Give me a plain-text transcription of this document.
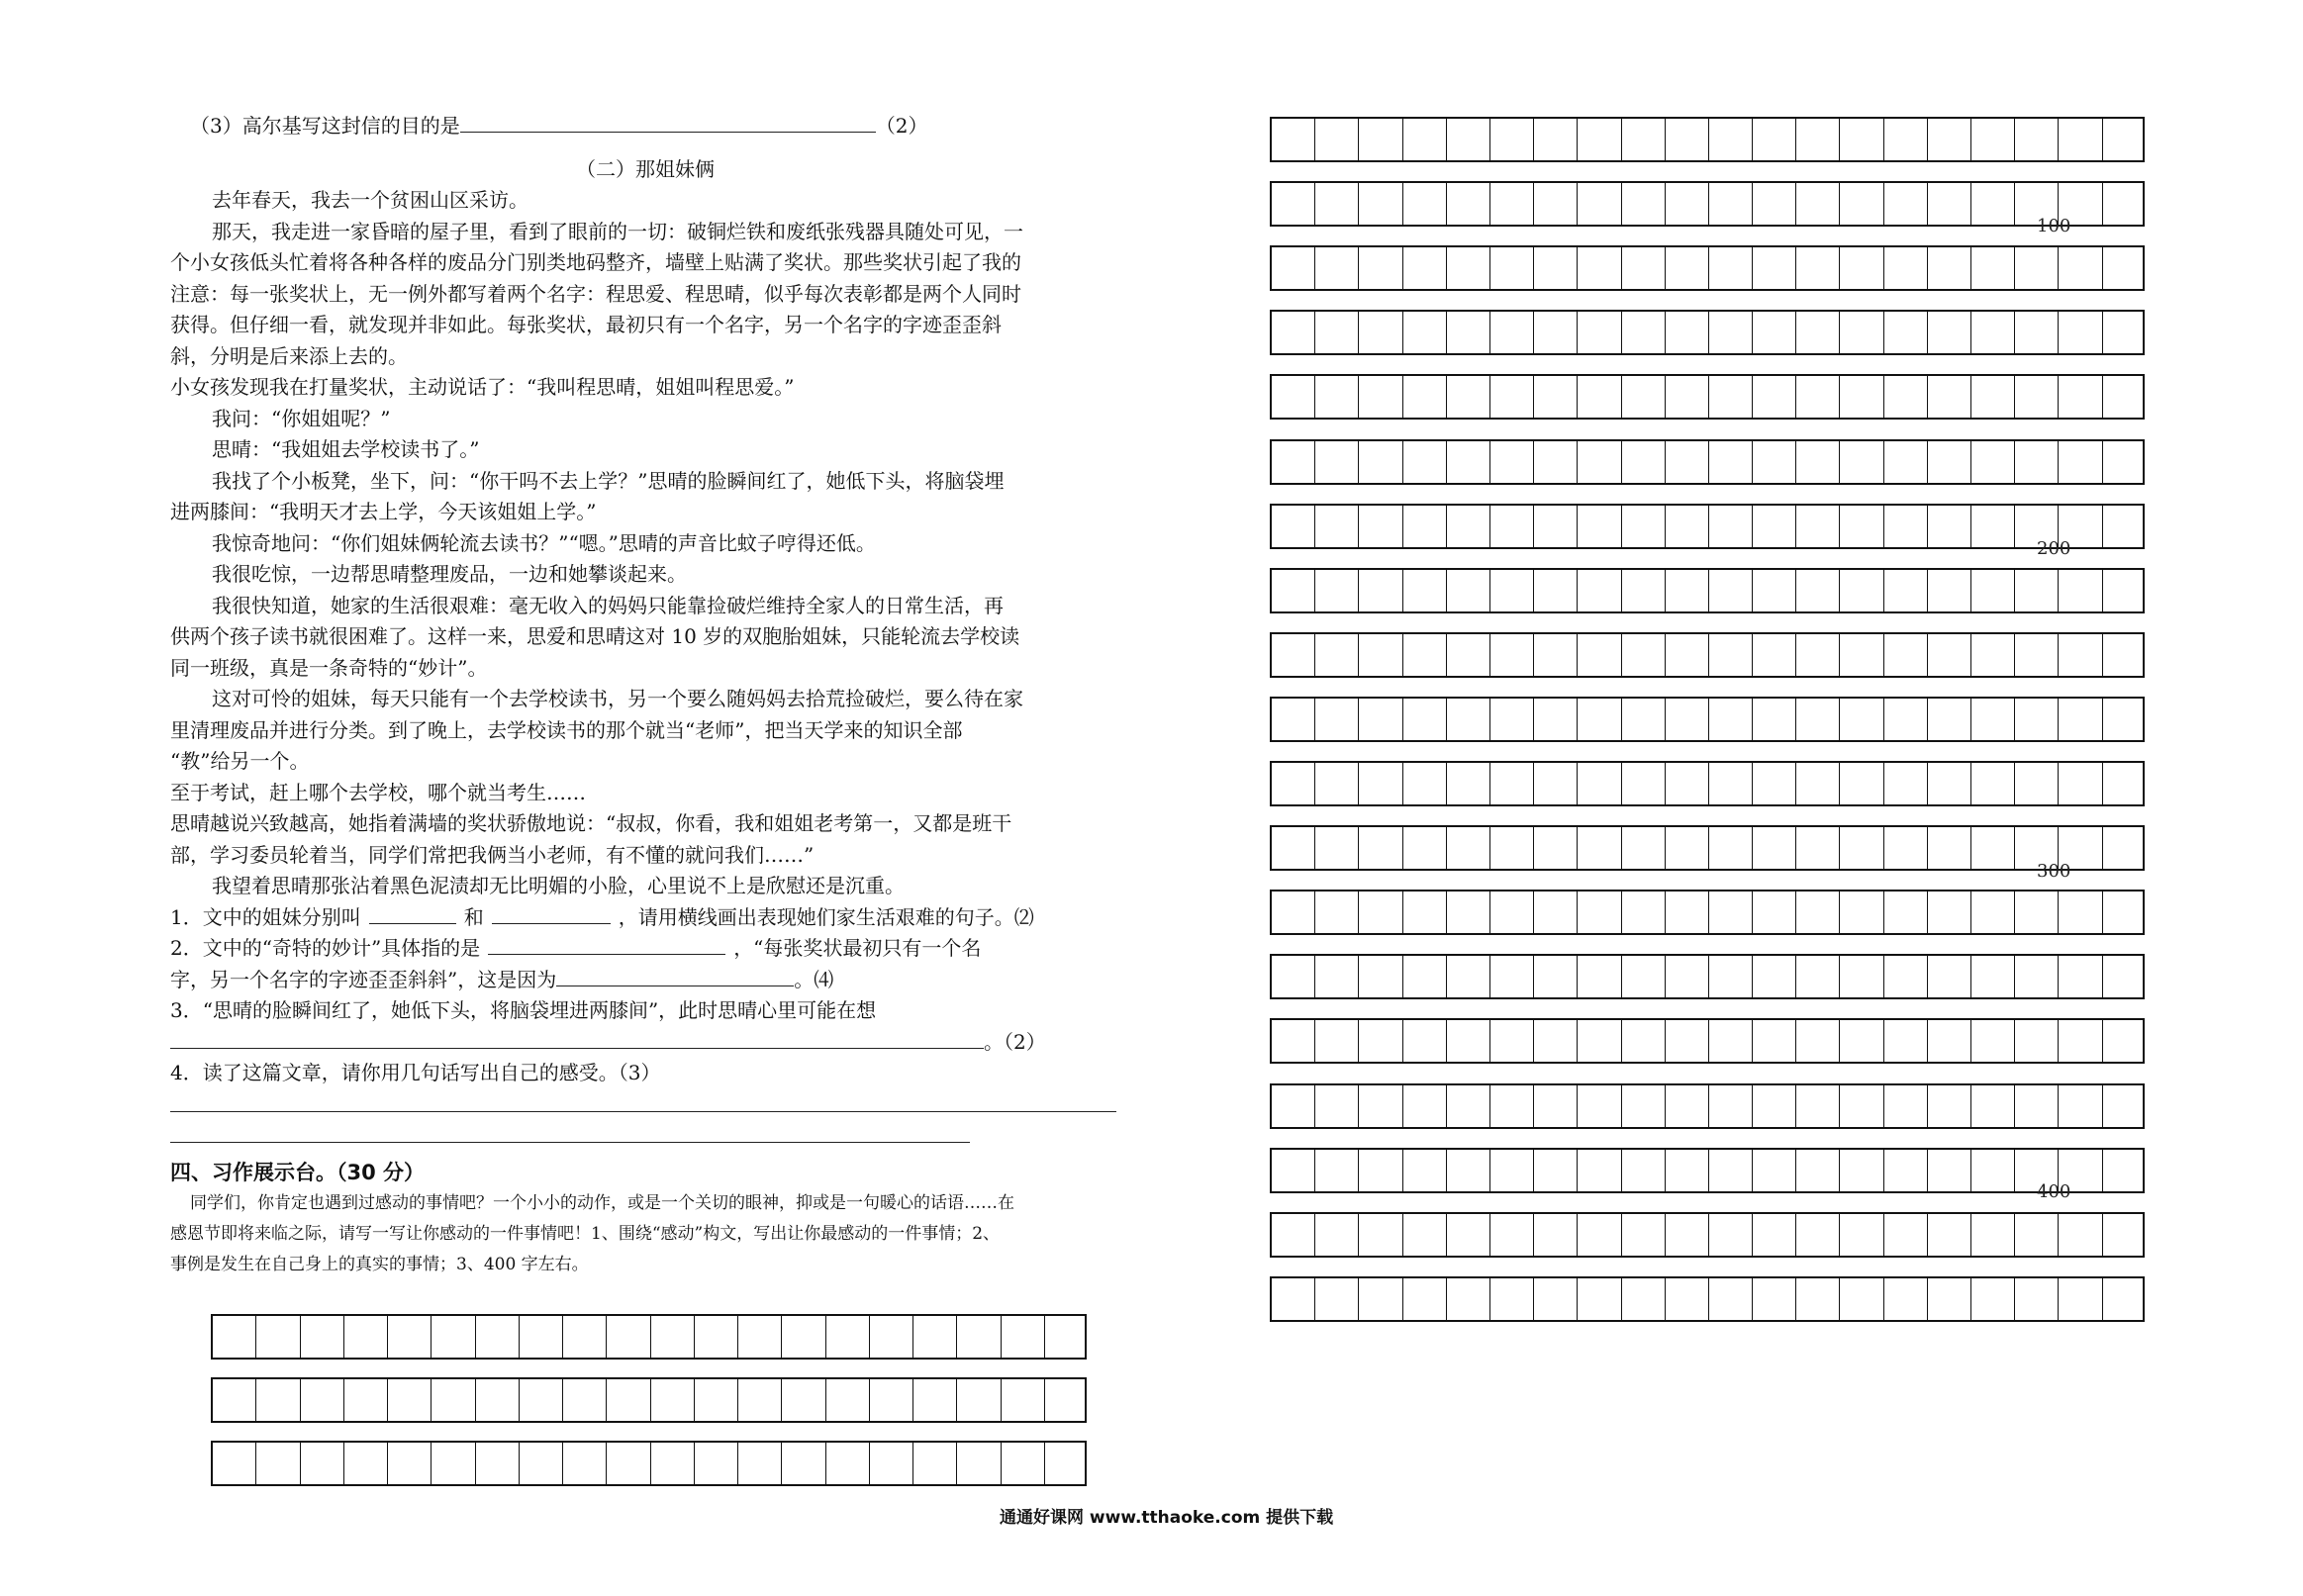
（3）高尔基写这封信的目的是	（2）

（二）那姐妹俩

去年春天，我去一个贫困山区采访。

那天，我走进一家昏暗的屋子里，看到了眼前的一切：破铜烂铁和废纸张残器具随处可见，一

个小女孩低头忙着将各种各样的废品分门别类地码整齐，墙壁上贴满了奖状。那些奖状引起了我的

注意：每一张奖状上，无一例外都写着两个名字：程思爱、程思晴，似乎每次表彰都是两个人同时

获得。但仔细一看，就发现并非如此。每张奖状，最初只有一个名字，另一个名字的字迹歪歪斜

斜，分明是后来添上去的。

小女孩发现我在打量奖状，主动说话了：“我叫程思晴，姐姐叫程思爱。”

我问：“你姐姐呢？”

思晴：“我姐姐去学校读书了。”

我找了个小板凳，坐下，问：“你干吗不去上学？”思晴的脸瞬间红了，她低下头，将脑袋埋

进两膝间：“我明天才去上学，今天该姐姐上学。”

我惊奇地问：“你们姐妹俩轮流去读书？”“嗯。”思晴的声音比蚊子哼得还低。

我很吃惊，一边帮思晴整理废品，一边和她攀谈起来。

我很快知道，她家的生活很艰难：毫无收入的妈妈只能靠捡破烂维持全家人的日常生活，再

供两个孩子读书就很困难了。这样一来，思爱和思晴这对 10 岁的双胞胎姐妹，只能轮流去学校读

同一班级，真是一条奇特的“妙计”。

这对可怜的姐妹，每天只能有一个去学校读书，另一个要么随妈妈去拾荒捡破烂，要么待在家

里清理废品并进行分类。到了晚上，去学校读书的那个就当“老师”，把当天学来的知识全部

“教”给另一个。

至于考试，赶上哪个去学校，哪个就当考生……

思晴越说兴致越高，她指着满墙的奖状骄傲地说：“叔叔，你看，我和姐姐老考第一，又都是班干

部，学习委员轮着当，同学们常把我俩当小老师，有不懂的就问我们……”

我望着思晴那张沾着黑色泥渍却无比明媚的小脸，心里说不上是欣慰还是沉重。

1．文中的姐妹分别叫	和	，请用横线画出表现她们家生活艰难的句子。⑵

2．文中的“奇特的妙计”具体指的是	，“每张奖状最初只有一个名

字，另一个名字的字迹歪歪斜斜”，这是因为	。⑷

3．“思晴的脸瞬间红了，她低下头，将脑袋埋进两膝间”，此时思晴心里可能在想

。（2）

4．读了这篇文章，请你用几句话写出自己的感受。（3）

四、习作展示台。（30 分）

同学们，你肯定也遇到过感动的事情吧？一个小小的动作，或是一个关切的眼神，抑或是一句暖心的话语……在

感恩节即将来临之际，请写一写让你感动的一件事情吧！1、围绕“感动”构文，写出让你最感动的一件事情；2、

事例是发生在自己身上的真实的事情；3、400 字左右。

100
200
300
400
通通好课网 www.tthaoke.com 提供下载
